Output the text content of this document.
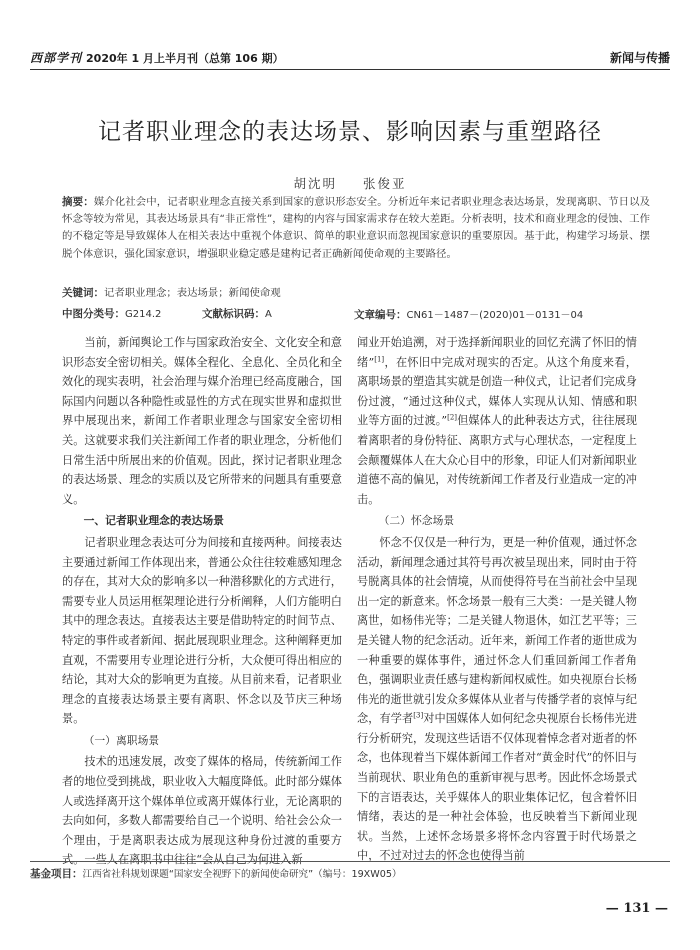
西部学刊 2020年 1 月上半月刊（总第 106 期）	新闻与传播
记者职业理念的表达场景、影响因素与重塑路径
胡沈明 张俊亚

摘要：媒介化社会中，记者职业理念直接关系到国家的意识形态安全。分析近年来记者职业理念表达场景，发现离职、节日以及怀念等较为常见，其表达场景具有“非正常性”，建构的内容与国家需求存在较大差距。分析表明，技术和商业理念的侵蚀、工作的不稳定等是导致媒体人在相关表达中重视个体意识、简单的职业意识而忽视国家意识的重要原因。基于此，构建学习场景、摆脱个体意识，强化国家意识，增强职业稳定感是建构记者正确新闻使命观的主要路径。

关键词：记者职业理念；表达场景；新闻使命观

中图分类号：G214.2	文献标识码：A	文章编号：CN61－1487－(2020)01－0131－04

当前，新闻舆论工作与国家政治安全、文化安全和意识形态安全密切相关。媒体全程化、全息化、全员化和全效化的现实表明，社会治理与媒介治理已经高度融合，国际国内问题以各种隐性或显性的方式在现实世界和虚拟世界中展现出来，新闻工作者职业理念与国家安全密切相关。这就要求我们关注新闻工作者的职业理念，分析他们日常生活中所展出来的价值观。因此，探讨记者职业理念的表达场景、理念的实质以及它所带来的问题具有重要意义。

一、记者职业理念的表达场景

记者职业理念表达可分为间接和直接两种。间接表达主要通过新闻工作体现出来，普通公众往往较难感知理念的存在，其对大众的影响多以一种潜移默化的方式进行，需要专业人员运用框架理论进行分析阐释，人们方能明白其中的理念表达。直接表达主要是借助特定的时间节点、特定的事件或者新闻、据此展现职业理念。这种阐释更加直观，不需要用专业理论进行分析，大众便可得出相应的结论，其对大众的影响更为直接。从目前来看，记者职业理念的直接表达场景主要有离职、怀念以及节庆三种场景。

（一）离职场景

技术的迅速发展，改变了媒体的格局，传统新闻工作者的地位受到挑战，职业收入大幅度降低。此时部分媒体人或选择离开这个媒体单位或离开媒体行业，无论离职的去向如何，多数人都需要给自己一个说明、给社会公众一个理由，于是离职表达成为展现这种身份过渡的重要方式。一些人在离职书中往往“会从自己为何进入新

闻业开始追溯，对于选择新闻职业的回忆充满了怀旧的情绪”[1]，在怀旧中完成对现实的否定。从这个角度来看，离职场景的塑造其实就是创造一种仪式，让记者们完成身份过渡，“通过这种仪式，媒体人实现从认知、情感和职业等方面的过渡。”[2]但媒体人的此种表达方式，往往展现着离职者的身份特征、离职方式与心理状态，一定程度上会颠覆媒体人在大众心目中的形象，印证人们对新闻职业道德不高的偏见，对传统新闻工作者及行业造成一定的冲击。

（二）怀念场景

怀念不仅仅是一种行为，更是一种价值观，通过怀念活动，新闻理念通过其符号再次被呈现出来，同时由于符号脱离具体的社会情境，从而使得符号在当前社会中呈现出一定的新意来。怀念场景一般有三大类：一是关键人物离世，如杨伟光等；二是关键人物退休，如江艺平等；三是关键人物的纪念活动。近年来，新闻工作者的逝世成为一种重要的媒体事件，通过怀念人们重回新闻工作者角色，强调职业责任感与建构新闻权威性。如央视原台长杨伟光的逝世就引发众多媒体从业者与传播学者的哀悼与纪念，有学者[3]对中国媒体人如何纪念央视原台长杨伟光进行分析研究，发现这些话语不仅体现着悼念者对逝者的怀念，也体现着当下媒体新闻工作者对“黄金时代”的怀旧与当前现状、职业角色的重新审视与思考。因此怀念场景式下的言语表达，关乎媒体人的职业集体记忆，包含着怀旧情绪，表达的是一种社会体验，也反映着当下新闻业现状。当然，上述怀念场景多将怀念内容置于时代场景之中，不过对过去的怀念也使得当前

基金项目：江西省社科规划课题“国家安全视野下的新闻使命研究”（编号：19XW05）
— 131 —
